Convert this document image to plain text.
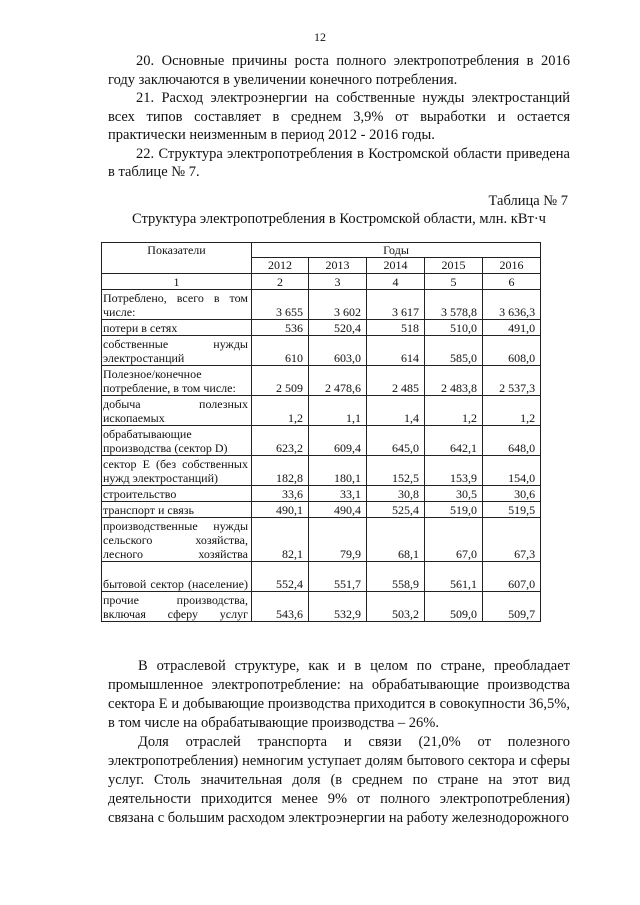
12

20. Основные причины роста полного электропотребления в 2016 году заключаются в увеличении конечного потребления.

21. Расход электроэнергии на собственные нужды электростанций всех типов составляет в среднем 3,9% от выработки и остается практически неизменным в период 2012 - 2016 годы.

22. Структура электропотребления в Костромской области приведена в таблице № 7.

Таблица № 7
Структура электропотребления в Костромской области, млн. кВт·ч
Показатели	Годы				
	2012	2013	2014	2015	2016
1	2	3	4	5	6
Потреблено, всего в том числе:	3 655	3 602	3 617	3 578,8	3 636,3
потери в сетях	536	520,4	518	510,0	491,0
собственные нужды электростанций	610	603,0	614	585,0	608,0
Полезное/конечное потребление, в том числе:	2 509	2 478,6	2 485	2 483,8	2 537,3
добыча полезных ископаемых	1,2	1,1	1,4	1,2	1,2
обрабатывающие производства (сектор D)	623,2	609,4	645,0	642,1	648,0
сектор Е (без собственных нужд электростанций)	182,8	180,1	152,5	153,9	154,0
строительство	33,6	33,1	30,8	30,5	30,6
транспорт и связь	490,1	490,4	525,4	519,0	519,5
производственные нужды сельского хозяйства, лесного хозяйства	82,1	79,9	68,1	67,0	67,3
бытовой сектор (население)	552,4	551,7	558,9	561,1	607,0
прочие производства, включая сферу услуг	543,6	532,9	503,2	509,0	509,7

В отраслевой структуре, как и в целом по стране, преобладает промышленное электропотребление: на обрабатывающие производства сектора Е и добывающие производства приходится в совокупности 36,5%, в том числе на обрабатывающие производства – 26%.

Доля отраслей транспорта и связи (21,0% от полезного электропотребления) немногим уступает долям бытового сектора и сферы услуг. Столь значительная доля (в среднем по стране на этот вид деятельности приходится менее 9% от полного электропотребления) связана с большим расходом электроэнергии на работу железнодорожного
